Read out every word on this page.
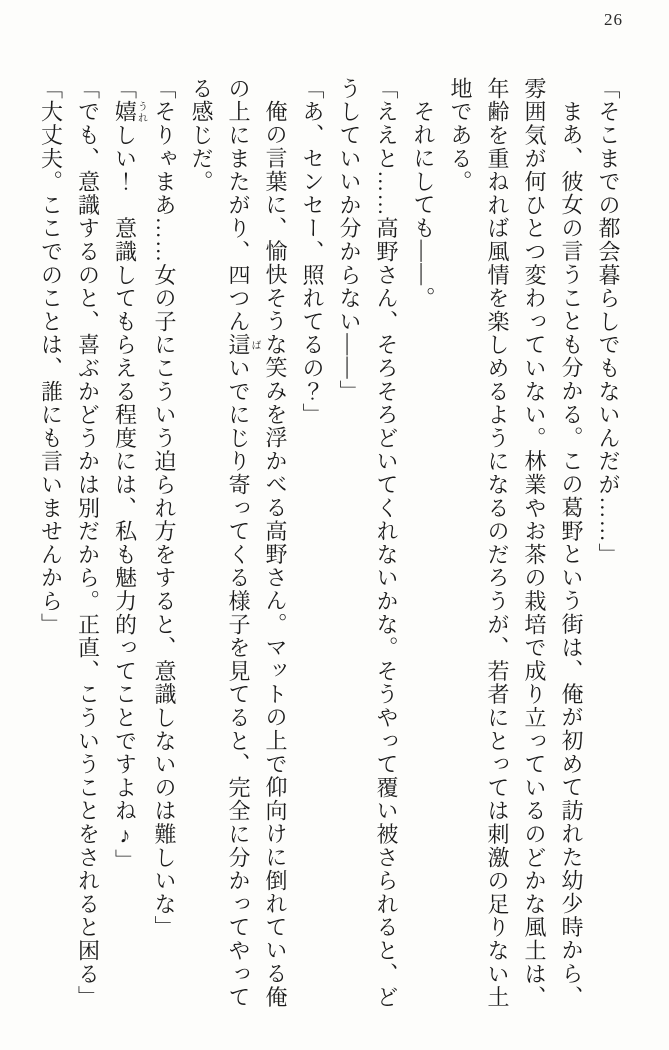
26

「そこまでの都会暮らしでもないんだが……」

まあ、彼女の言うことも分かる。この葛野という街は、俺が初めて訪れた幼少時から、雰囲気が何ひとつ変わっていない。林業やお茶の栽培で成り立っているのどかな風土は、年齢を重ねれば風情を楽しめるようになるのだろうが、若者にとっては刺激の足りない土地である。

それにしても――。

「ええと……高野さん、そろそろどいてくれないかな。そうやって覆い被さられると、どうしていいか分からない――」

「あ、センセー、照れてるの？」

俺の言葉に、愉快そうな笑みを浮かべる高野さん。マットの上で仰向けに倒れている俺の上にまたがり、四つん這ばいでにじり寄ってくる様子を見てると、完全に分かってやってる感じだ。

「そりゃまあ……女の子にこういう迫られ方をすると、意識しないのは難しいな」

「嬉うれしい！　意識してもらえる程度には、私も魅力的ってことですよね♪」

「でも、意識するのと、喜ぶかどうかは別だから。正直、こういうことをされると困る」

「大丈夫。ここでのことは、誰にも言いませんから」
